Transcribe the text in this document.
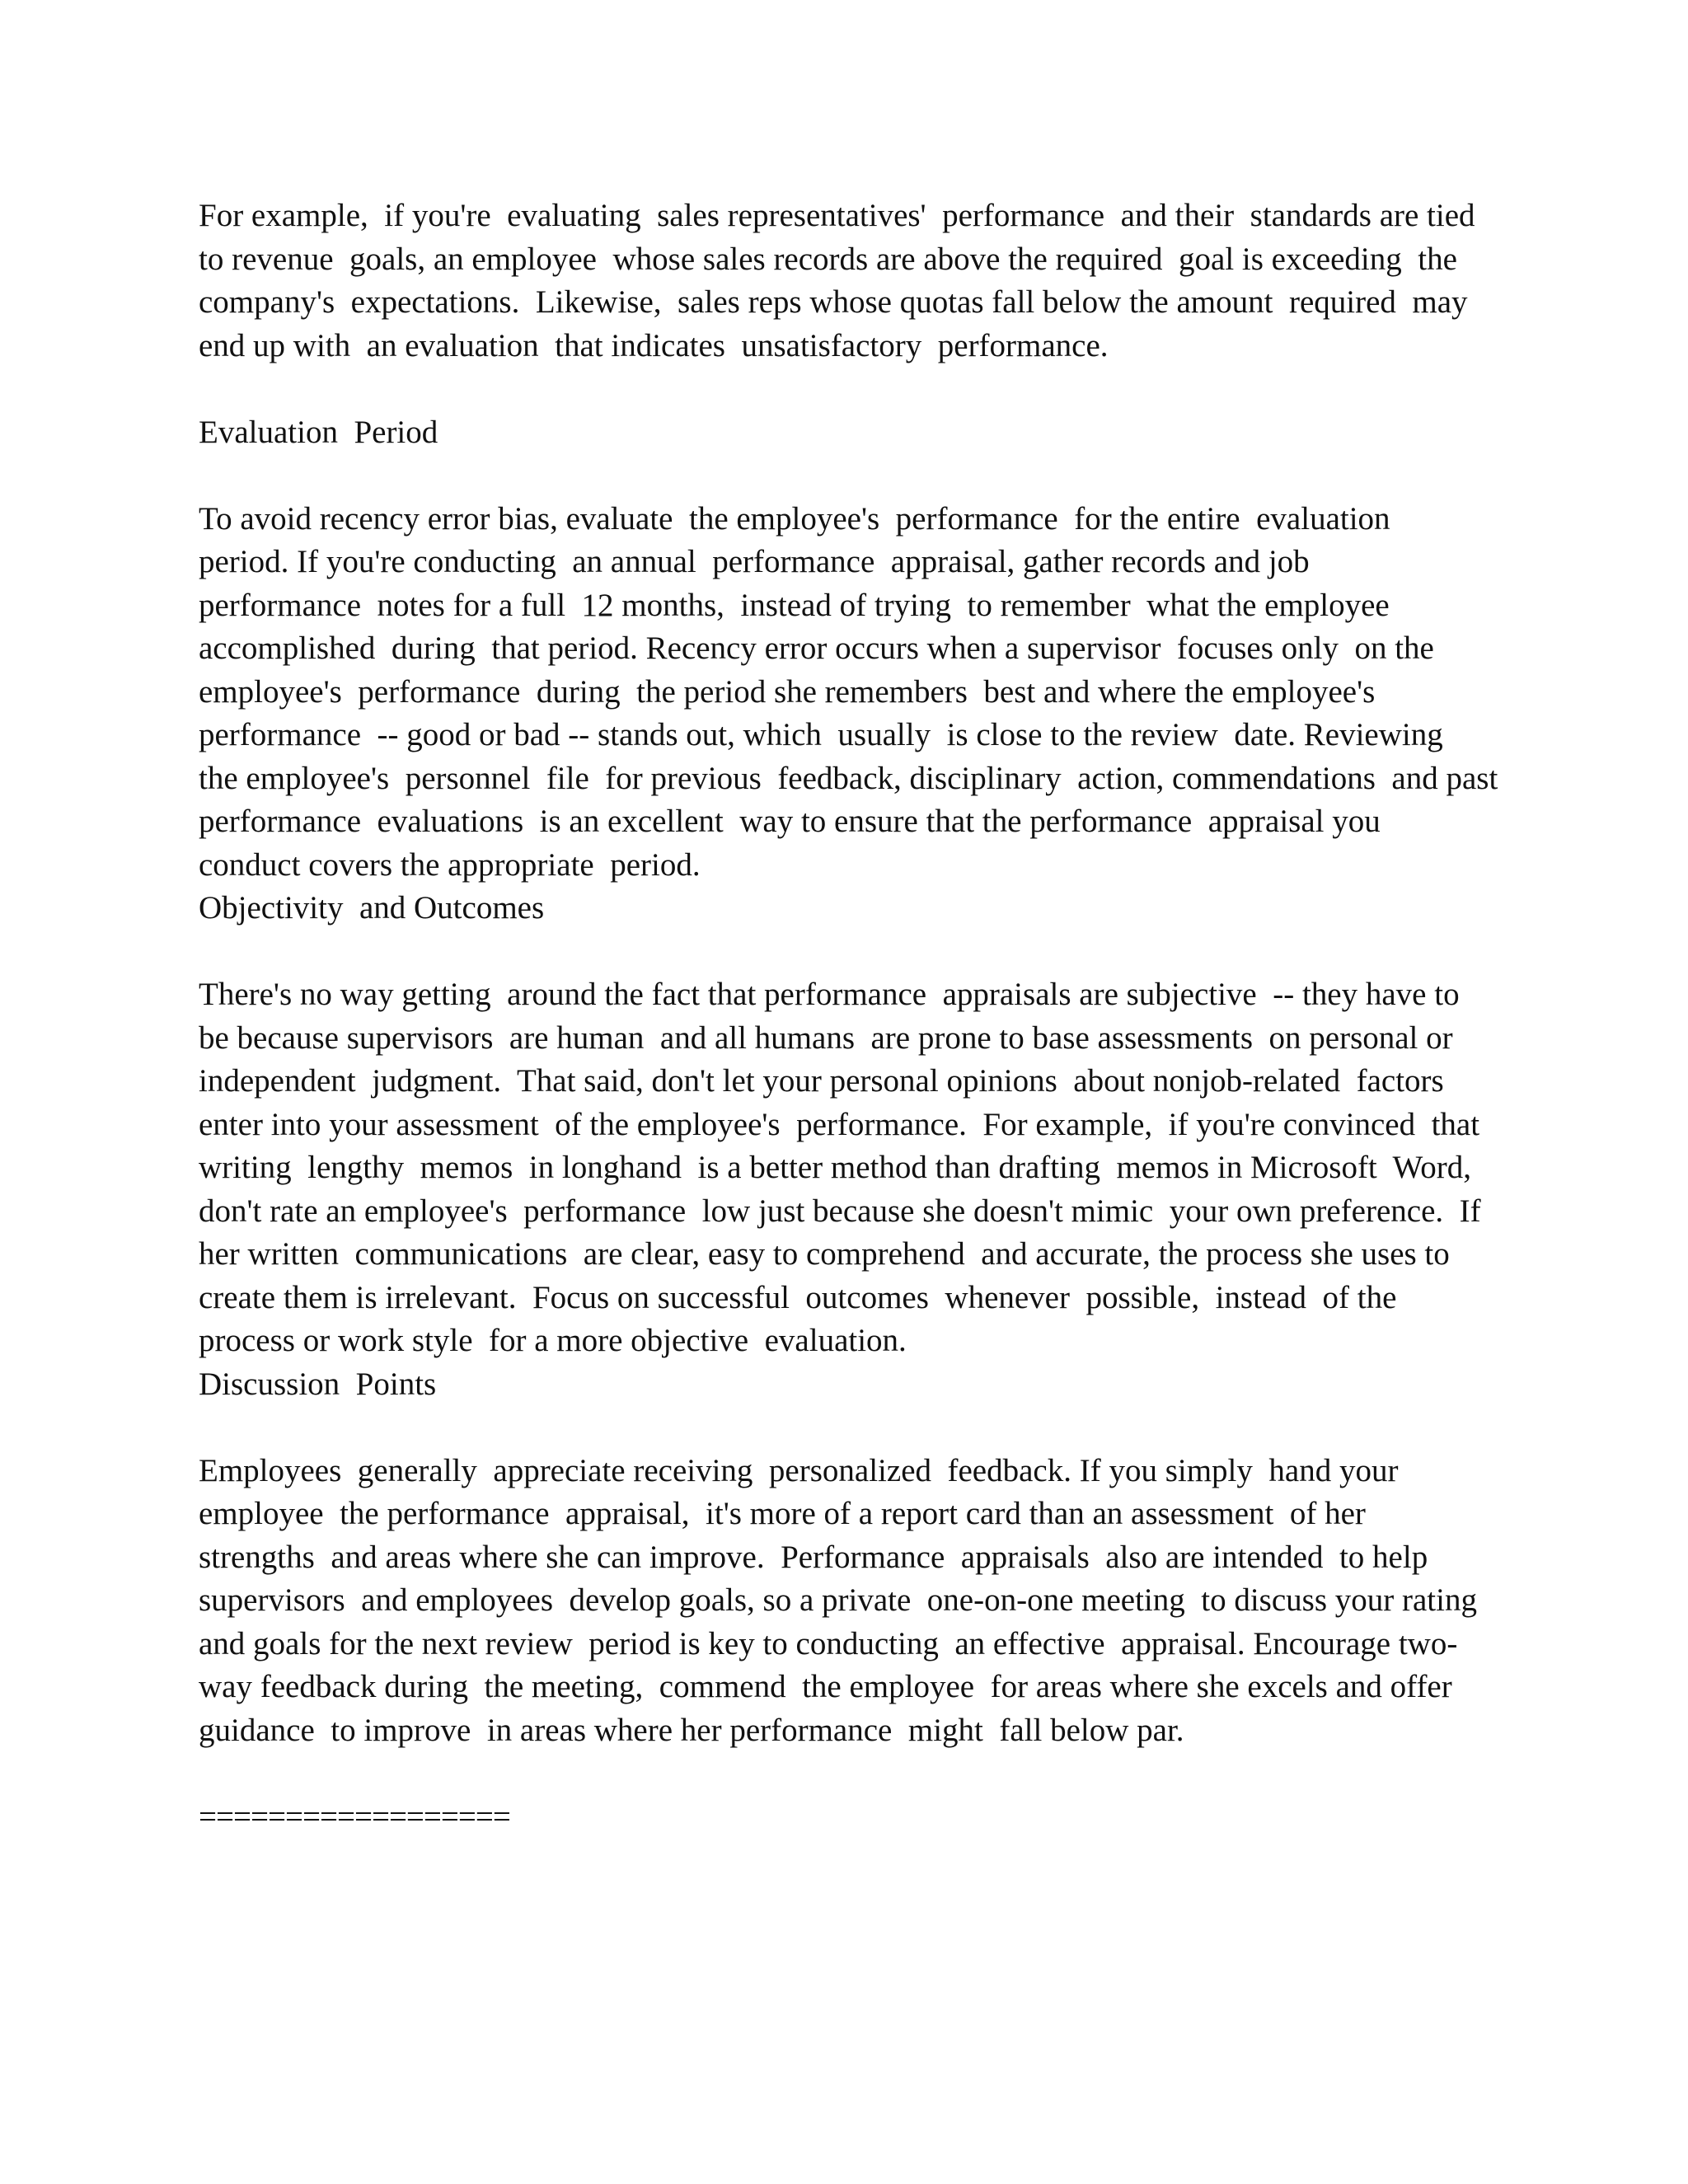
For example,  if you're  evaluating  sales representatives'  performance  and their  standards are tied
to revenue  goals, an employee  whose sales records are above the required  goal is exceeding  the
company's  expectations.  Likewise,  sales reps whose quotas fall below the amount  required  may
end up with  an evaluation  that indicates  unsatisfactory  performance.
Evaluation  Period
To avoid recency error bias, evaluate  the employee's  performance  for the entire  evaluation
period. If you're conducting  an annual  performance  appraisal, gather records and job
performance  notes for a full  12 months,  instead of trying  to remember  what the employee
accomplished  during  that period. Recency error occurs when a supervisor  focuses only  on the
employee's  performance  during  the period she remembers  best and where the employee's
performance  -- good or bad -- stands out, which  usually  is close to the review  date. Reviewing
the employee's  personnel  file  for previous  feedback, disciplinary  action, commendations  and past
performance  evaluations  is an excellent  way to ensure that the performance  appraisal you
conduct covers the appropriate  period.
Objectivity  and Outcomes
There's no way getting  around the fact that performance  appraisals are subjective  -- they have to
be because supervisors  are human  and all humans  are prone to base assessments  on personal or
independent  judgment.  That said, don't let your personal opinions  about nonjob-related  factors
enter into your assessment  of the employee's  performance.  For example,  if you're convinced  that
writing  lengthy  memos  in longhand  is a better method than drafting  memos in Microsoft  Word,
don't rate an employee's  performance  low just because she doesn't mimic  your own preference.  If
her written  communications  are clear, easy to comprehend  and accurate, the process she uses to
create them is irrelevant.  Focus on successful  outcomes  whenever  possible,  instead  of the
process or work style  for a more objective  evaluation.
Discussion  Points
Employees  generally  appreciate receiving  personalized  feedback. If you simply  hand your
employee  the performance  appraisal,  it's more of a report card than an assessment  of her
strengths  and areas where she can improve.  Performance  appraisals  also are intended  to help
supervisors  and employees  develop goals, so a private  one-on-one meeting  to discuss your rating
and goals for the next review  period is key to conducting  an effective  appraisal. Encourage two-
way feedback during  the meeting,  commend  the employee  for areas where she excels and offer
guidance  to improve  in areas where her performance  might  fall below par.
==================
